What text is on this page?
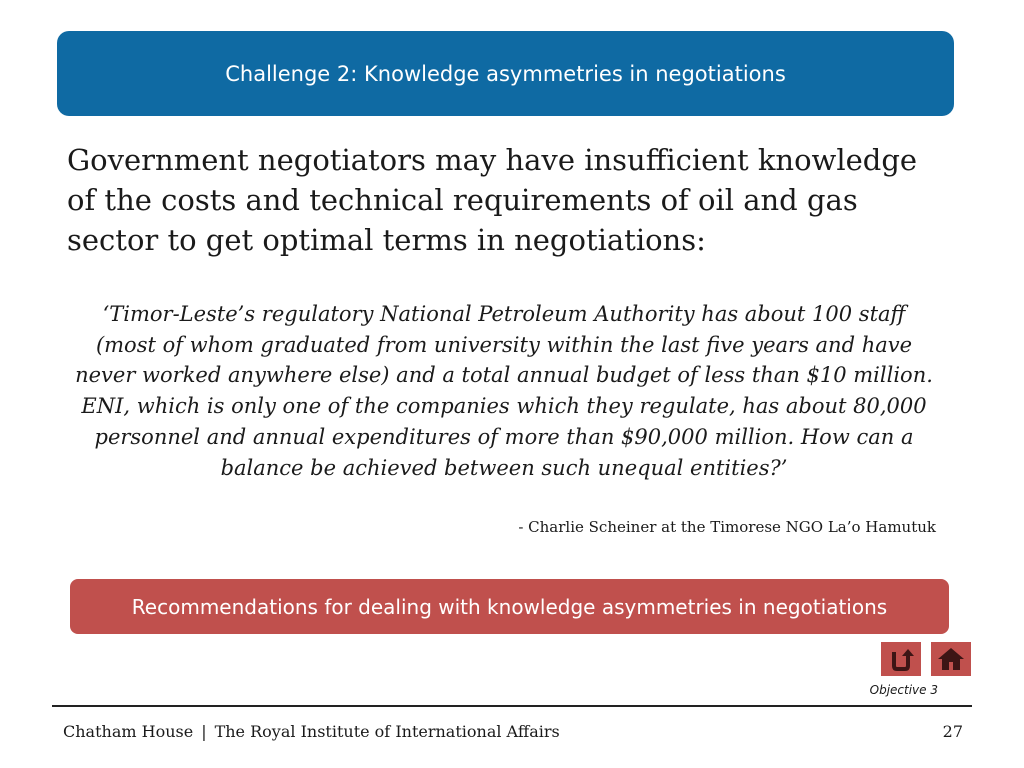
Challenge 2: Knowledge asymmetries in negotiations
Government negotiators may have insufficient knowledge of the costs and technical requirements of oil and gas sector to get optimal terms in negotiations:
‘Timor-Leste’s regulatory National Petroleum Authority has about 100 staff (most of whom graduated from university within the last five years and have never worked anywhere else) and a total annual budget of less than $10 million. ENI, which is only one of the companies which they regulate, has about 80,000 personnel and annual expenditures of more than $90,000 million. How can a balance be achieved between such unequal entities?’
- Charlie Scheiner at the Timorese NGO La’o Hamutuk
Recommendations for dealing with knowledge asymmetries in negotiations
Objective 3
Chatham House | The Royal Institute of International Affairs	27
